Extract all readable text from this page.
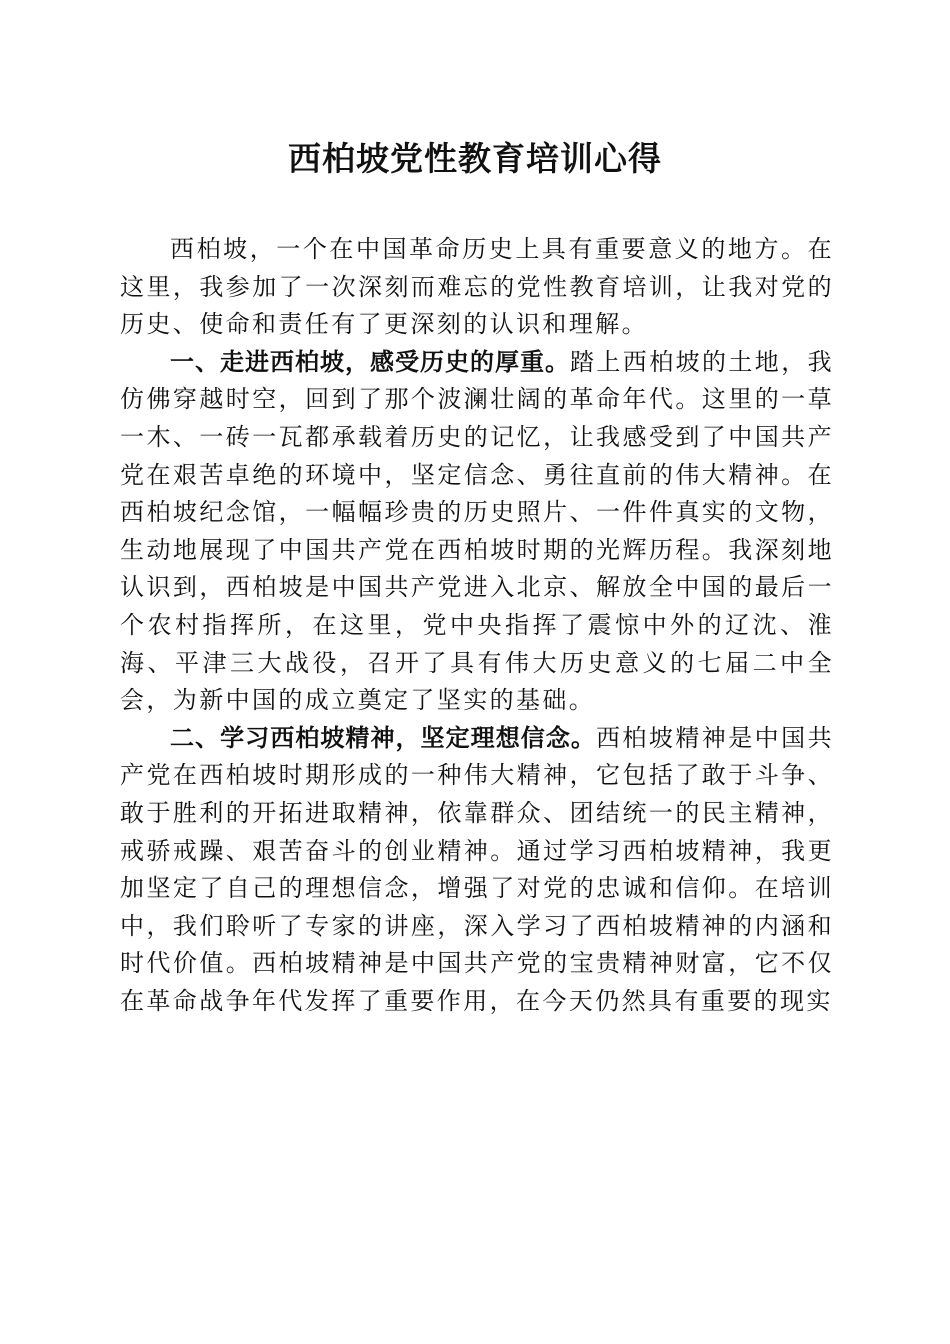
西柏坡党性教育培训心得

西柏坡，一个在中国革命历史上具有重要意义的地方。在这里，我参加了一次深刻而难忘的党性教育培训，让我对党的历史、使命和责任有了更深刻的认识和理解。

一、走进西柏坡，感受历史的厚重。踏上西柏坡的土地，我仿佛穿越时空，回到了那个波澜壮阔的革命年代。这里的一草一木、一砖一瓦都承载着历史的记忆，让我感受到了中国共产党在艰苦卓绝的环境中，坚定信念、勇往直前的伟大精神。在西柏坡纪念馆，一幅幅珍贵的历史照片、一件件真实的文物，生动地展现了中国共产党在西柏坡时期的光辉历程。我深刻地认识到，西柏坡是中国共产党进入北京、解放全中国的最后一个农村指挥所，在这里，党中央指挥了震惊中外的辽沈、淮海、平津三大战役，召开了具有伟大历史意义的七届二中全会，为新中国的成立奠定了坚实的基础。

二、学习西柏坡精神，坚定理想信念。西柏坡精神是中国共产党在西柏坡时期形成的一种伟大精神，它包括了敢于斗争、敢于胜利的开拓进取精神，依靠群众、团结统一的民主精神，戒骄戒躁、艰苦奋斗的创业精神。通过学习西柏坡精神，我更加坚定了自己的理想信念，增强了对党的忠诚和信仰。在培训中，我们聆听了专家的讲座，深入学习了西柏坡精神的内涵和时代价值。西柏坡精神是中国共产党的宝贵精神财富，它不仅在革命战争年代发挥了重要作用，在今天仍然具有重要的现实
